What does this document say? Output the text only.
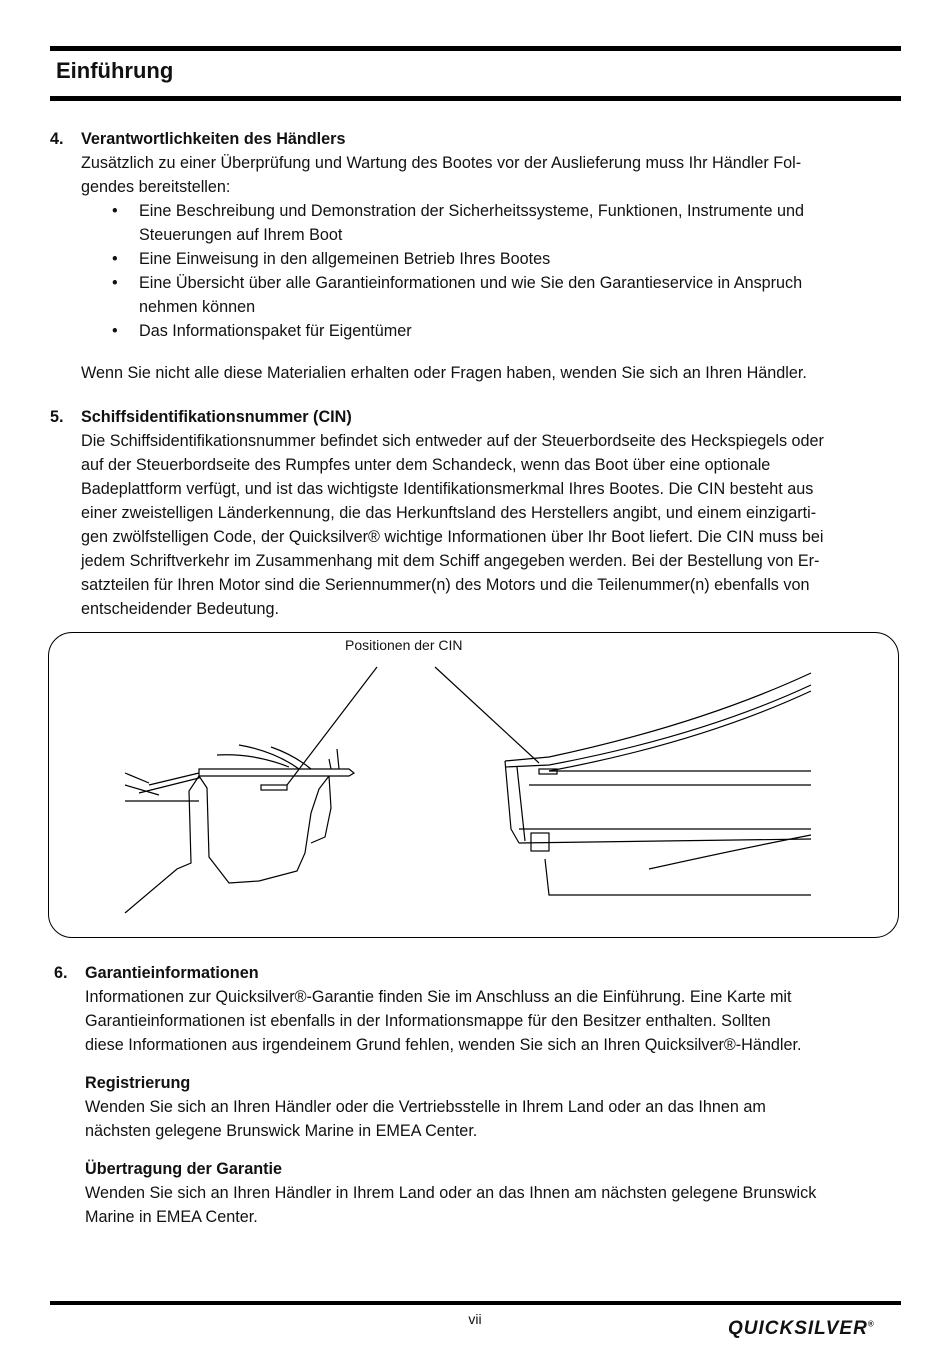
Einführung
4.	Verantwortlichkeiten des Händlers
Zusätzlich zu einer Überprüfung und Wartung des Bootes vor der Auslieferung muss Ihr Händler Fol-
gendes bereitstellen:
• Eine Beschreibung und Demonstration der Sicherheitssysteme, Funktionen, Instrumente und
Steuerungen auf Ihrem Boot
• Eine Einweisung in den allgemeinen Betrieb Ihres Bootes
• Eine Übersicht über alle Garantieinformationen und wie Sie den Garantieservice in Anspruch
nehmen können
• Das Informationspaket für Eigentümer
Wenn Sie nicht alle diese Materialien erhalten oder Fragen haben, wenden Sie sich an Ihren Händler.
5.	Schiffsidentifikationsnummer (CIN)
Die Schiffsidentifikationsnummer befindet sich entweder auf der Steuerbordseite des Heckspiegels oder
auf der Steuerbordseite des Rumpfes unter dem Schandeck, wenn das Boot über eine optionale
Badeplattform verfügt, und ist das wichtigste Identifikationsmerkmal Ihres Bootes. Die CIN besteht aus
einer zweistelligen Länderkennung, die das Herkunftsland des Herstellers angibt, und einem einzigarti-
gen zwölfstelligen Code, der Quicksilver® wichtige Informationen über Ihr Boot liefert. Die CIN muss bei
jedem Schriftverkehr im Zusammenhang mit dem Schiff angegeben werden. Bei der Bestellung von Er-
satzteilen für Ihren Motor sind die Seriennummer(n) des Motors und die Teilenummer(n) ebenfalls von
entscheidender Bedeutung.
Positionen der CIN
6.	Garantieinformationen
Informationen zur Quicksilver®-Garantie finden Sie im Anschluss an die Einführung. Eine Karte mit
Garantieinformationen ist ebenfalls in der Informationsmappe für den Besitzer enthalten. Sollten
diese Informationen aus irgendeinem Grund fehlen, wenden Sie sich an Ihren Quicksilver®-Händler.
Registrierung
Wenden Sie sich an Ihren Händler oder die Vertriebsstelle in Ihrem Land oder an das Ihnen am
nächsten gelegene Brunswick Marine in EMEA Center.
Übertragung der Garantie
Wenden Sie sich an Ihren Händler in Ihrem Land oder an das Ihnen am nächsten gelegene Brunswick
Marine in EMEA Center.
vii	QUICKSILVER®
